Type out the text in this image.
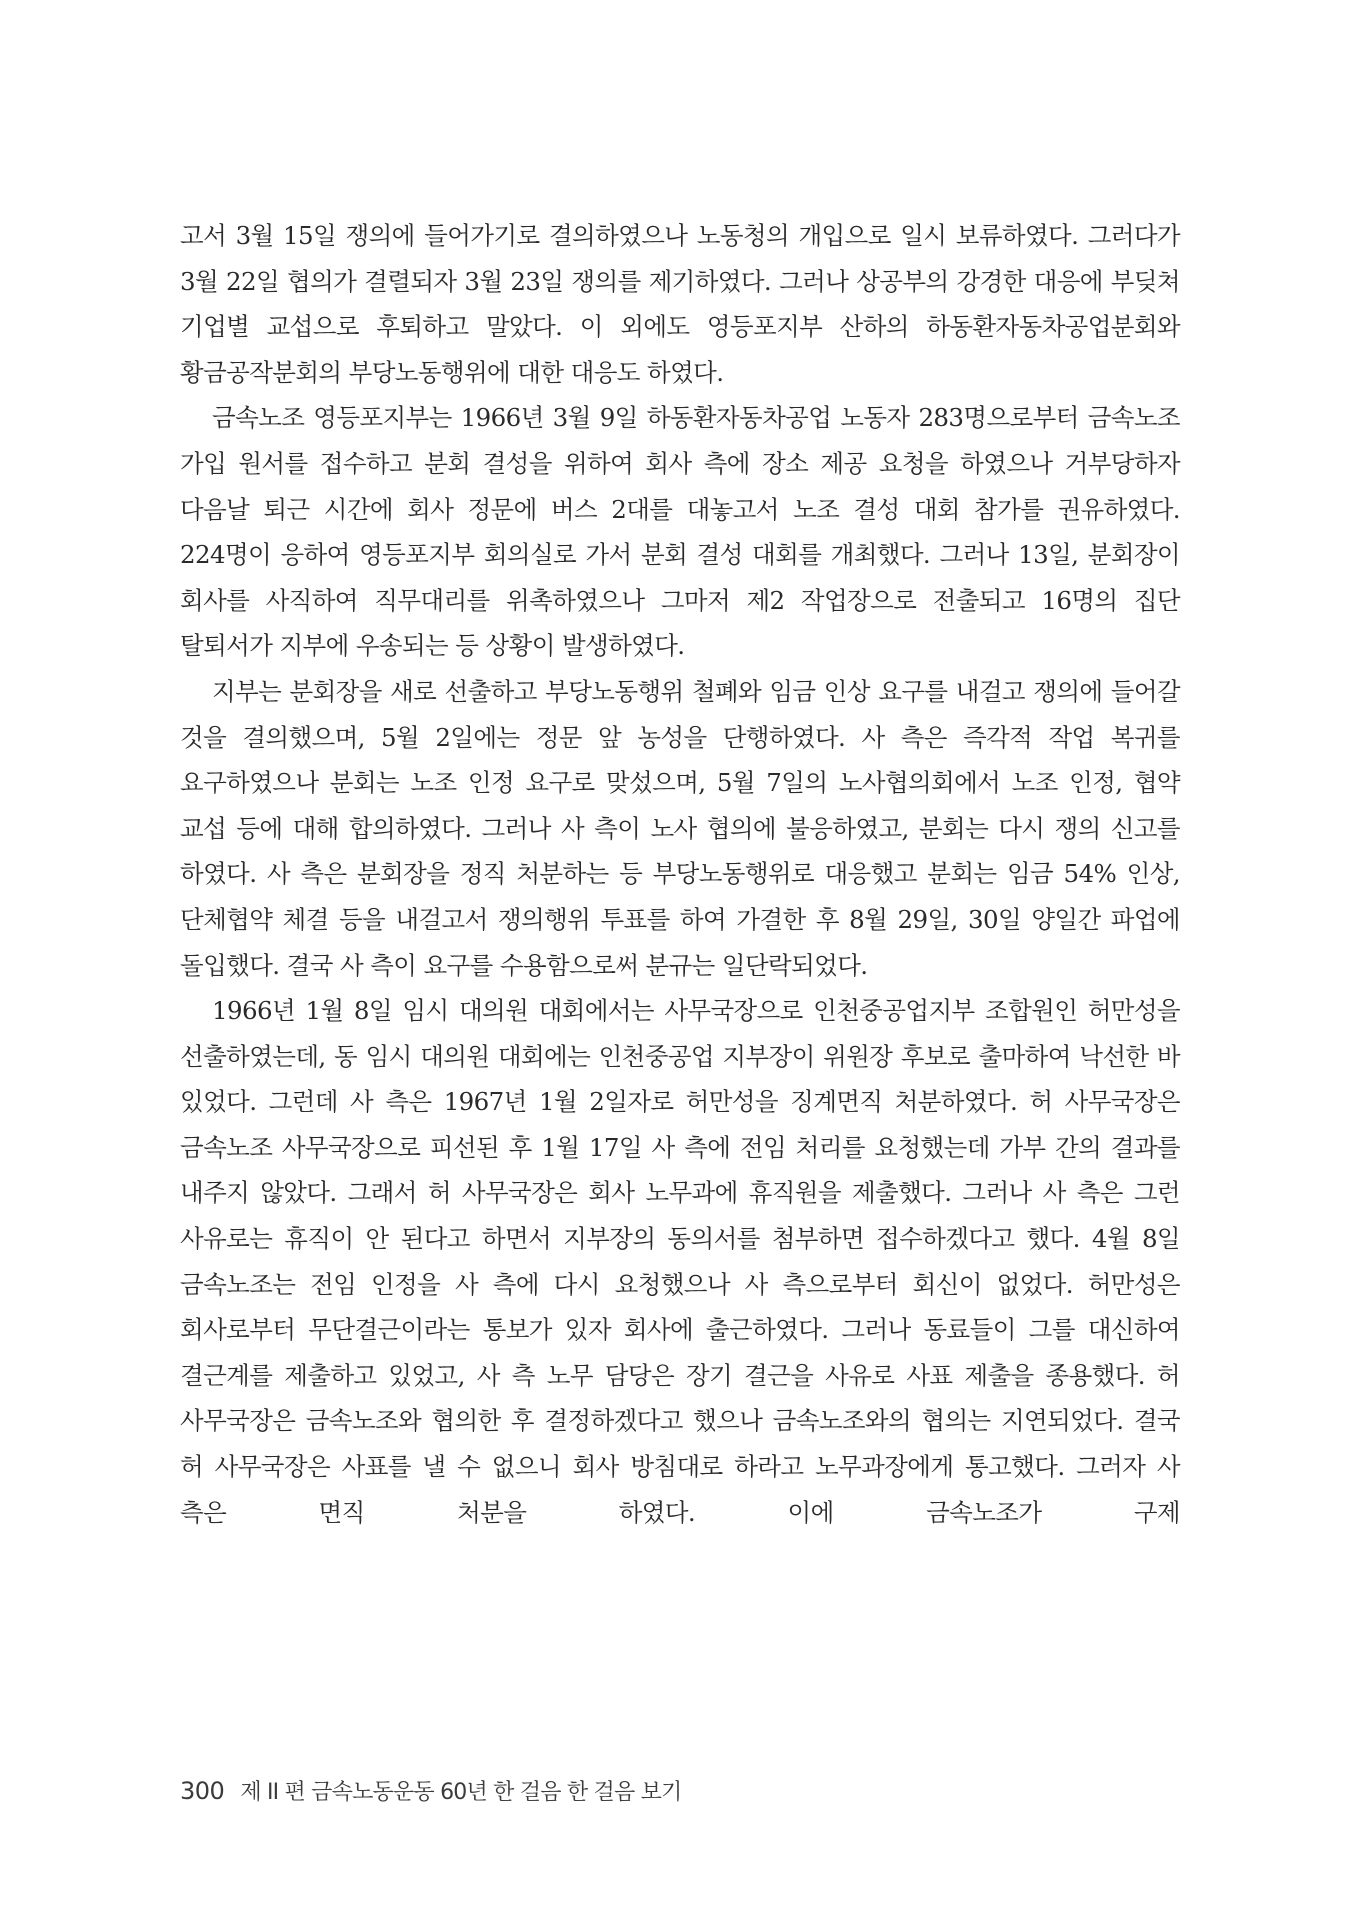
고서 3월 15일 쟁의에 들어가기로 결의하였으나 노동청의 개입으로 일시 보류하였다. 그러다가 3월 22일 협의가 결렬되자 3월 23일 쟁의를 제기하였다. 그러나 상공부의 강경한 대응에 부딪쳐 기업별 교섭으로 후퇴하고 말았다. 이 외에도 영등포지부 산하의 하동환자동차공업분회와 황금공작분회의 부당노동행위에 대한 대응도 하였다.

금속노조 영등포지부는 1966년 3월 9일 하동환자동차공업 노동자 283명으로부터 금속노조 가입 원서를 접수하고 분회 결성을 위하여 회사 측에 장소 제공 요청을 하였으나 거부당하자 다음날 퇴근 시간에 회사 정문에 버스 2대를 대놓고서 노조 결성 대회 참가를 권유하였다. 224명이 응하여 영등포지부 회의실로 가서 분회 결성 대회를 개최했다. 그러나 13일, 분회장이 회사를 사직하여 직무대리를 위촉하였으나 그마저 제2 작업장으로 전출되고 16명의 집단 탈퇴서가 지부에 우송되는 등 상황이 발생하였다.

지부는 분회장을 새로 선출하고 부당노동행위 철폐와 임금 인상 요구를 내걸고 쟁의에 들어갈 것을 결의했으며, 5월 2일에는 정문 앞 농성을 단행하였다. 사 측은 즉각적 작업 복귀를 요구하였으나 분회는 노조 인정 요구로 맞섰으며, 5월 7일의 노사협의회에서 노조 인정, 협약 교섭 등에 대해 합의하였다. 그러나 사 측이 노사 협의에 불응하였고, 분회는 다시 쟁의 신고를 하였다. 사 측은 분회장을 정직 처분하는 등 부당노동행위로 대응했고 분회는 임금 54% 인상, 단체협약 체결 등을 내걸고서 쟁의행위 투표를 하여 가결한 후 8월 29일, 30일 양일간 파업에 돌입했다. 결국 사 측이 요구를 수용함으로써 분규는 일단락되었다.

1966년 1월 8일 임시 대의원 대회에서는 사무국장으로 인천중공업지부 조합원인 허만성을 선출하였는데, 동 임시 대의원 대회에는 인천중공업 지부장이 위원장 후보로 출마하여 낙선한 바 있었다. 그런데 사 측은 1967년 1월 2일자로 허만성을 징계면직 처분하였다. 허 사무국장은 금속노조 사무국장으로 피선된 후 1월 17일 사 측에 전임 처리를 요청했는데 가부 간의 결과를 내주지 않았다. 그래서 허 사무국장은 회사 노무과에 휴직원을 제출했다. 그러나 사 측은 그런 사유로는 휴직이 안 된다고 하면서 지부장의 동의서를 첨부하면 접수하겠다고 했다. 4월 8일 금속노조는 전임 인정을 사 측에 다시 요청했으나 사 측으로부터 회신이 없었다. 허만성은 회사로부터 무단결근이라는 통보가 있자 회사에 출근하였다. 그러나 동료들이 그를 대신하여 결근계를 제출하고 있었고, 사 측 노무 담당은 장기 결근을 사유로 사표 제출을 종용했다. 허 사무국장은 금속노조와 협의한 후 결정하겠다고 했으나 금속노조와의 협의는 지연되었다. 결국 허 사무국장은 사표를 낼 수 없으니 회사 방침대로 하라고 노무과장에게 통고했다. 그러자 사 측은 면직 처분을 하였다. 이에 금속노조가 구제

300 제 II 편 금속노동운동 60년 한 걸음 한 걸음 보기
